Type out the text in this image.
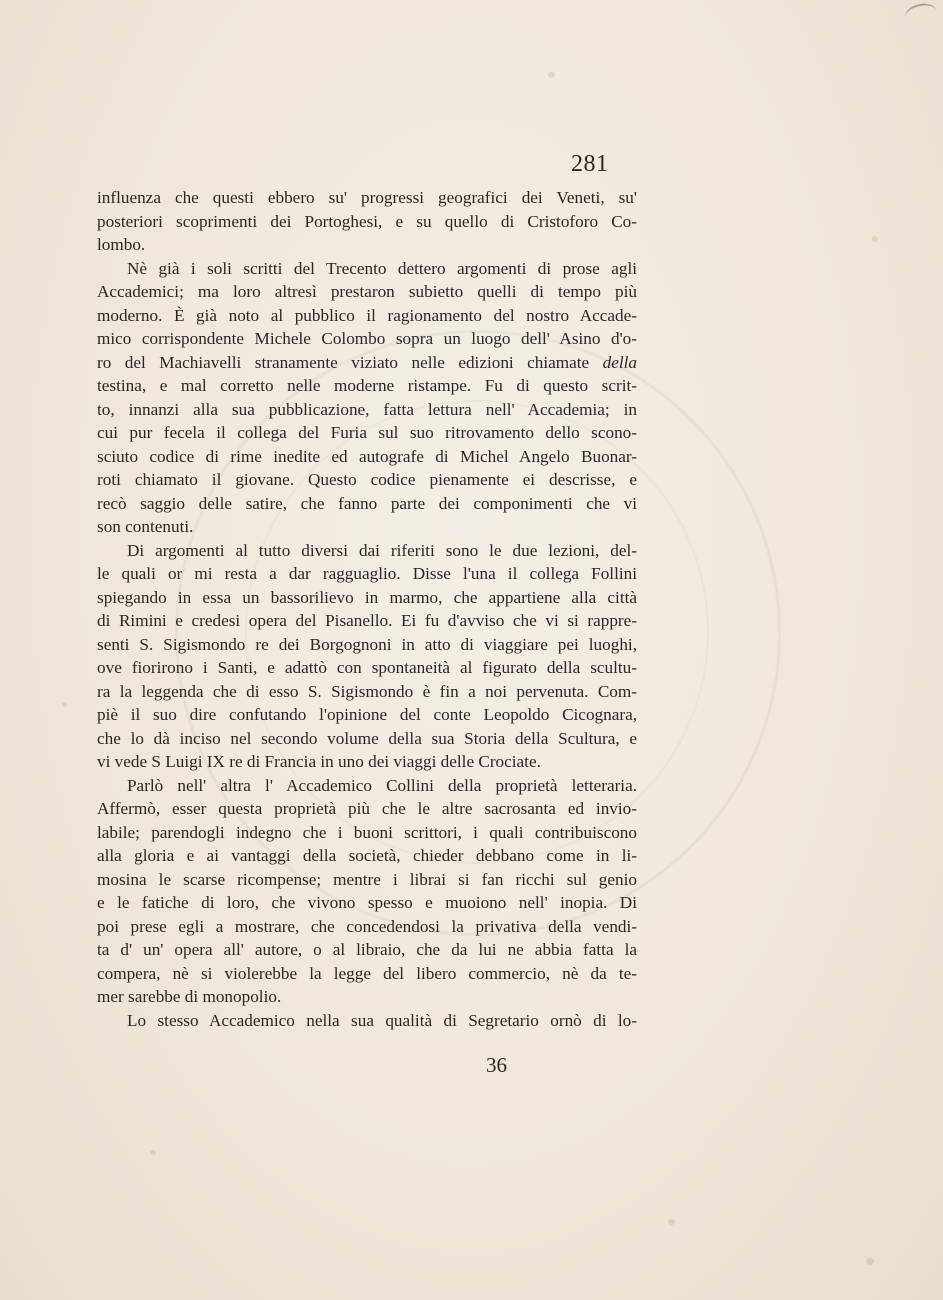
281
influenza che questi ebbero su' progressi geografici dei Veneti, su'
posteriori scoprimenti dei Portoghesi, e su quello di Cristoforo Co-
lombo.
Nè già i soli scritti del Trecento dettero argomenti di prose agli
Accademici; ma loro altresì prestaron subietto quelli di tempo più
moderno. È già noto al pubblico il ragionamento del nostro Accade-
mico corrispondente Michele Colombo sopra un luogo dell' Asino d'o-
ro del Machiavelli stranamente viziato nelle edizioni chiamate della
testina, e mal corretto nelle moderne ristampe. Fu di questo scrit-
to, innanzi alla sua pubblicazione, fatta lettura nell' Accademia; in
cui pur fecela il collega del Furia sul suo ritrovamento dello scono-
sciuto codice di rime inedite ed autografe di Michel Angelo Buonar-
roti chiamato il giovane. Questo codice pienamente ei descrisse, e
recò saggio delle satire, che fanno parte dei componimenti che vi
son contenuti.
Di argomenti al tutto diversi dai riferiti sono le due lezioni, del-
le quali or mi resta a dar ragguaglio. Disse l'una il collega Follini
spiegando in essa un bassorilievo in marmo, che appartiene alla città
di Rimini e credesi opera del Pisanello. Ei fu d'avviso che vi si rappre-
senti S. Sigismondo re dei Borgognoni in atto di viaggiare pei luoghi,
ove fiorirono i Santi, e adattò con spontaneità al figurato della scultu-
ra la leggenda che di esso S. Sigismondo è fin a noi pervenuta. Com-
piè il suo dire confutando l'opinione del conte Leopoldo Cicognara,
che lo dà inciso nel secondo volume della sua Storia della Scultura, e
vi vede S Luigi IX re di Francia in uno dei viaggi delle Crociate.
Parlò nell' altra l' Accademico Collini della proprietà letteraria.
Affermò, esser questa proprietà più che le altre sacrosanta ed invio-
labile; parendogli indegno che i buoni scrittori, i quali contribuiscono
alla gloria e ai vantaggi della società, chieder debbano come in li-
mosina le scarse ricompense; mentre i librai si fan ricchi sul genio
e le fatiche di loro, che vivono spesso e muoiono nell' inopia. Di
poi prese egli a mostrare, che concedendosi la privativa della vendi-
ta d' un' opera all' autore, o al libraio, che da lui ne abbia fatta la
compera, nè si violerebbe la legge del libero commercio, nè da te-
mer sarebbe di monopolio.
Lo stesso Accademico nella sua qualità di Segretario ornò di lo-
36
